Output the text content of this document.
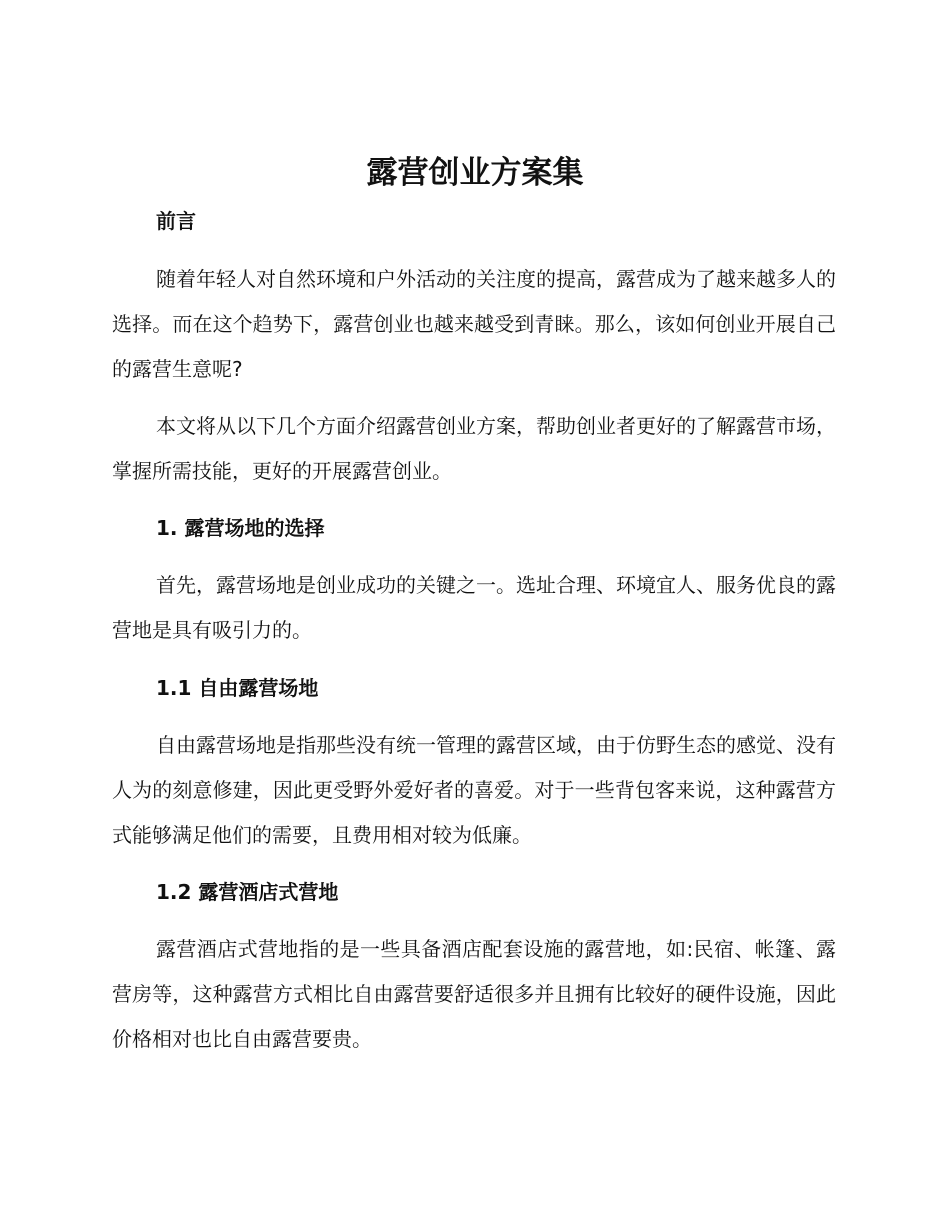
露营创业方案集
前言

随着年轻人对自然环境和户外活动的关注度的提高，露营成为了越来越多人的选择。而在这个趋势下，露营创业也越来越受到青睐。那么，该如何创业开展自己的露营生意呢?

本文将从以下几个方面介绍露营创业方案，帮助创业者更好的了解露营市场，掌握所需技能，更好的开展露营创业。

1. 露营场地的选择

首先，露营场地是创业成功的关键之一。选址合理、环境宜人、服务优良的露营地是具有吸引力的。

1.1 自由露营场地

自由露营场地是指那些没有统一管理的露营区域，由于仿野生态的感觉、没有人为的刻意修建，因此更受野外爱好者的喜爱。对于一些背包客来说，这种露营方式能够满足他们的需要，且费用相对较为低廉。

1.2 露营酒店式营地

露营酒店式营地指的是一些具备酒店配套设施的露营地，如:民宿、帐篷、露营房等，这种露营方式相比自由露营要舒适很多并且拥有比较好的硬件设施，因此价格相对也比自由露营要贵。
